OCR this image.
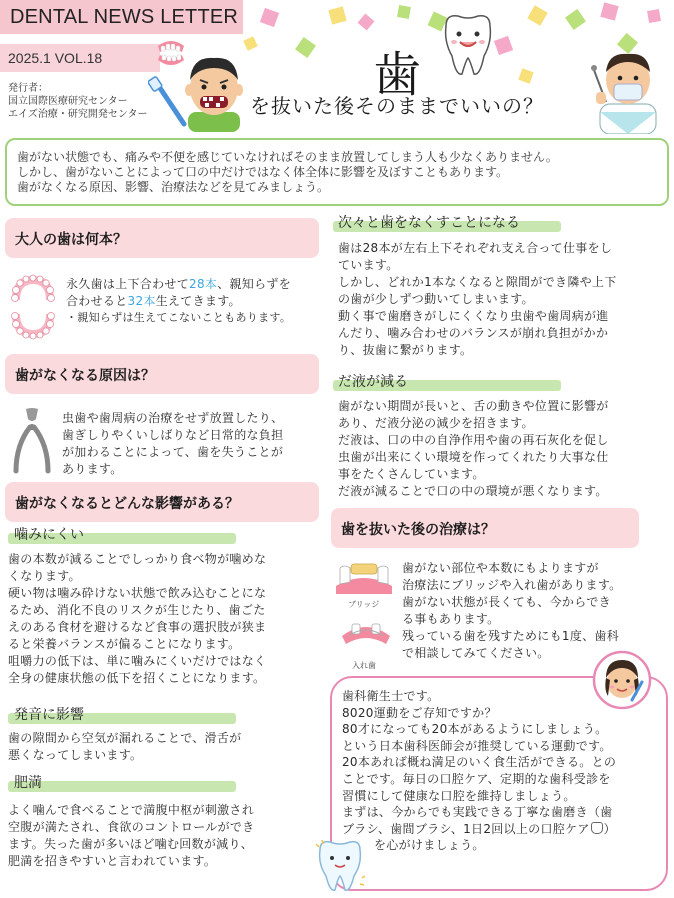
DENTAL NEWS LETTER
2025.1 VOL.18
発行者：
国立国際医療研究センター
エイズ治療・研究開発センター
歯
を抜いた後そのままでいいの？
歯がない状態でも、痛みや不便を感じていなければそのまま放置してしまう人も少なくありません。
しかし、歯がないことによって口の中だけではなく体全体に影響を及ぼすこともあります。
歯がなくなる原因、影響、治療法などを見てみましょう。
大人の歯は何本？
永久歯は上下合わせて28本、親知らずを
合わせると32本生えてきます。
・親知らずは生えてこないこともあります。
歯がなくなる原因は？
虫歯や歯周病の治療をせず放置したり、
歯ぎしりやくいしばりなど日常的な負担
が加わることによって、歯を失うことが
あります。
歯がなくなるとどんな影響がある？
噛みにくい
歯の本数が減ることでしっかり食べ物が噛めな
くなります。
硬い物は噛み砕けない状態で飲み込むことにな
るため、消化不良のリスクが生じたり、歯ごた
えのある食材を避けるなど食事の選択肢が狭ま
ると栄養バランスが偏ることになります。
咀嚼力の低下は、単に噛みにくいだけではなく
全身の健康状態の低下を招くことになります。
発音に影響
歯の隙間から空気が漏れることで、滑舌が
悪くなってしまいます。
肥満
よく噛んで食べることで満腹中枢が刺激され
空腹が満たされ、食欲のコントロールができ
ます。失った歯が多いほど噛む回数が減り、
肥満を招きやすいと言われています。
次々と歯をなくすことになる
歯は28本が左右上下それぞれ支え合って仕事をし
ています。
しかし、どれか1本なくなると隙間ができ隣や上下
の歯が少しずつ動いてしまいます。
動く事で歯磨きがしにくくなり虫歯や歯周病が進
んだり、噛み合わせのバランスが崩れ負担がかか
り、抜歯に繋がります。
だ液が減る
歯がない期間が長いと、舌の動きや位置に影響が
あり、だ液分泌の減少を招きます。
だ液は、口の中の自浄作用や歯の再石灰化を促し
虫歯が出来にくい環境を作ってくれたり大事な仕
事をたくさんしています。
だ液が減ることで口の中の環境が悪くなります。
歯を抜いた後の治療は？
ブリッジ
入れ歯
歯がない部位や本数にもよりますが
治療法にブリッジや入れ歯があります。
歯がない状態が長くても、今からでき
る事もあります。
残っている歯を残すためにも1度、歯科
で相談してみてください。
歯科衛生士です。
8020運動をご存知ですか？
80才になっても20本があるようにしましょう。
という日本歯科医師会が推奨している運動です。
20本あれば概ね満足のいく食生活ができる。との
ことです。毎日の口腔ケア、定期的な歯科受診を
習慣にして健康な口腔を維持しましょう。
まずは、今からでも実践できる丁寧な歯磨き（歯
ブラシ、歯間ブラシ、1日2回以上の口腔ケア ）
を心がけましょう。
